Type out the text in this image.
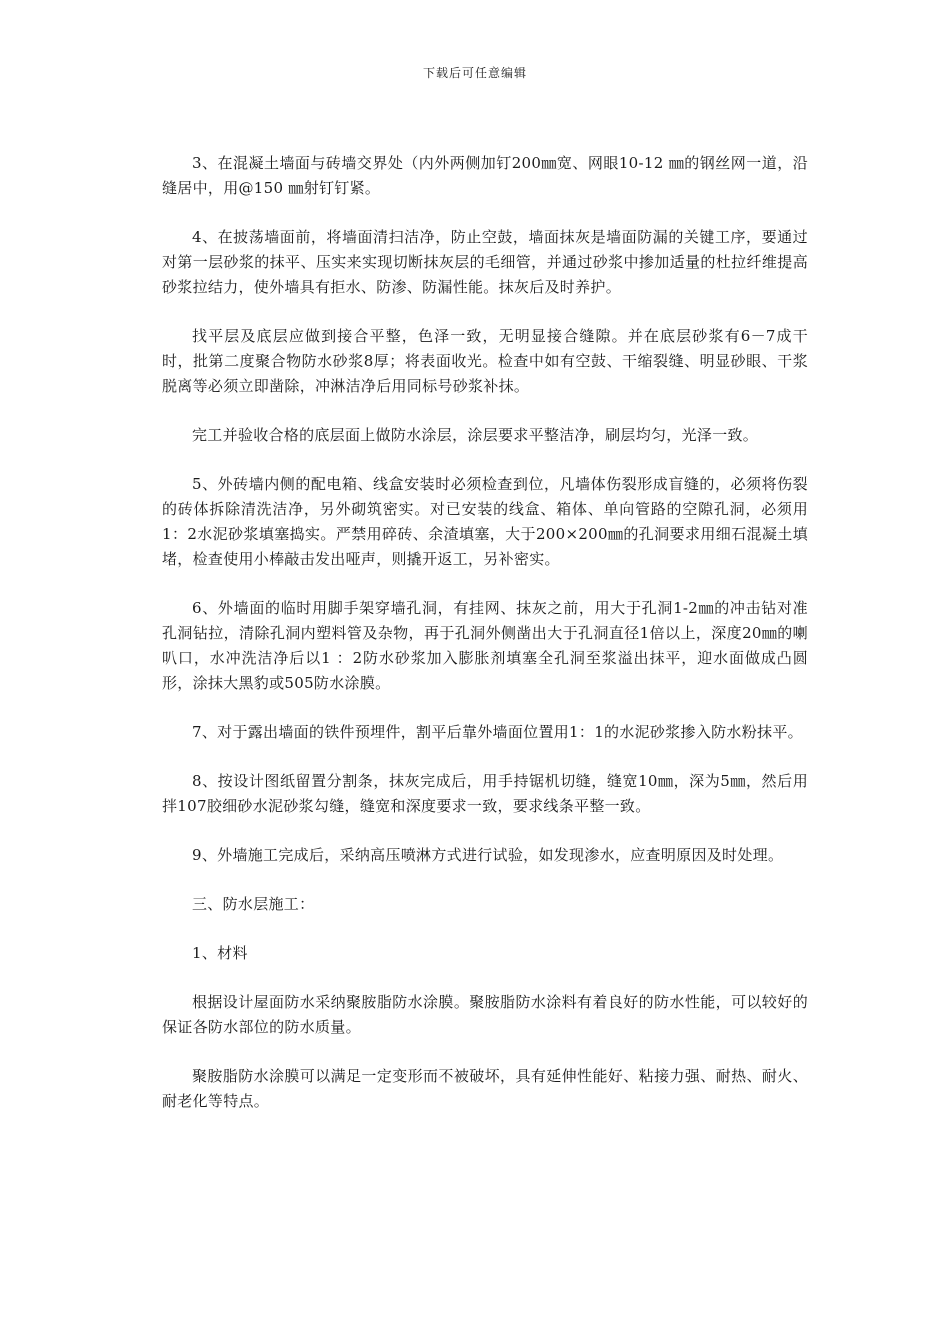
下载后可任意编辑

3、在混凝土墙面与砖墙交界处（内外两侧加钉200㎜宽、网眼10-12 ㎜的钢丝网一道，沿缝居中，用@150 ㎜射钉钉紧。

4、在披荡墙面前，将墙面清扫洁净，防止空鼓，墙面抹灰是墙面防漏的关键工序，要通过对第一层砂浆的抹平、压实来实现切断抹灰层的毛细管，并通过砂浆中掺加适量的杜拉纤维提高砂浆拉结力，使外墙具有拒水、防渗、防漏性能。抹灰后及时养护。

找平层及底层应做到接合平整，色泽一致，无明显接合缝隙。并在底层砂浆有6－7成干时，批第二度聚合物防水砂浆8厚；将表面收光。检查中如有空鼓、干缩裂缝、明显砂眼、干浆脱离等必须立即凿除，冲淋洁净后用同标号砂浆补抹。

完工并验收合格的底层面上做防水涂层，涂层要求平整洁净，刷层均匀，光泽一致。

5、外砖墙内侧的配电箱、线盒安装时必须检查到位，凡墙体伤裂形成盲缝的，必须将伤裂的砖体拆除清洗洁净，另外砌筑密实。对已安装的线盒、箱体、单向管路的空隙孔洞，必须用1：2水泥砂浆填塞捣实。严禁用碎砖、余渣填塞，大于200×200㎜的孔洞要求用细石混凝土填堵，检查使用小棒敲击发出哑声，则撬开返工，另补密实。

6、外墙面的临时用脚手架穿墙孔洞，有挂网、抹灰之前，用大于孔洞1-2㎜的冲击钻对准孔洞钻拉，清除孔洞内塑料管及杂物，再于孔洞外侧凿出大于孔洞直径1倍以上，深度20㎜的喇叭口，水冲洗洁净后以1 ：2防水砂浆加入膨胀剂填塞全孔洞至浆溢出抹平，迎水面做成凸圆形，涂抹大黑豹或505防水涂膜。

7、对于露出墙面的铁件预埋件，割平后靠外墙面位置用1：1的水泥砂浆掺入防水粉抹平。

8、按设计图纸留置分割条，抹灰完成后，用手持锯机切缝，缝宽10㎜，深为5㎜，然后用拌107胶细砂水泥砂浆勾缝，缝宽和深度要求一致，要求线条平整一致。

9、外墙施工完成后，采纳高压喷淋方式进行试验，如发现渗水，应查明原因及时处理。

三、防水层施工：

1、材料

根据设计屋面防水采纳聚胺脂防水涂膜。聚胺脂防水涂料有着良好的防水性能，可以较好的保证各防水部位的防水质量。

聚胺脂防水涂膜可以满足一定变形而不被破坏，具有延伸性能好、粘接力强、耐热、耐火、耐老化等特点。
